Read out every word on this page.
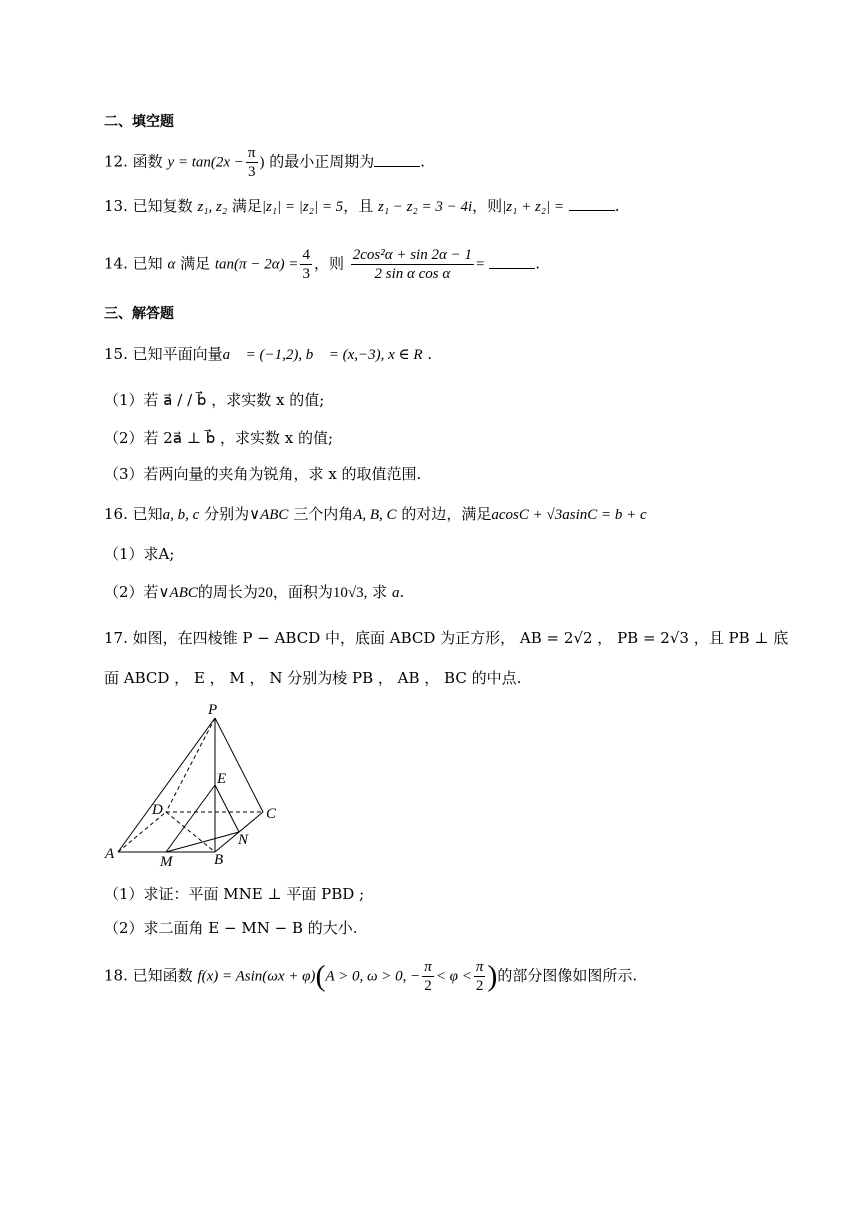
二、填空题
12. 函数 $y = \tan(2x - \frac{\pi}{3}$ ) 的最小正周期为	.
13. 已知复数 z₁, z₂ 满足|z₁| = |z₂| = 5，且 z₁ − z₂ = 3 − 4i，则|z₁ + z₂| =	.
14. 已知 α 满足 $\tan(\pi - 2\alpha) = \frac{4}{3}$ ，则 $\frac{\text{2cos²α + sin 2α − 1}}{\text{2 sin α cos α}}$ =	.
三、解答题
15. 已知平面向量a⃗ = (−1,2), b⃗ = (x,−3), x ∈ R .
（1）若 a⃗ / / b⃗ ，求实数 x 的值;
（2）若 2a⃗ ⊥ b⃗ ，求实数 x 的值;
（3）若两向量的夹角为锐角，求 x 的取值范围.
16. 已知a, b, c 分别为∨ABC 三个内角A, B, C 的对边，满足acosC + √3asinC = b + c
（1）求A;
（2）若∨ABC的周长为20，面积为10√3, 求 a.
17. 如图，在四棱锥 P − ABCD 中，底面 ABCD 为正方形， AB = 2√2 ， PB = 2√3 ，且 PB ⊥ 底
面 ABCD ， E ， M ， N 分别为棱 PB ， AB ， BC 的中点.
P
E
D	C
N
A	M	B
（1）求证：平面 MNE ⊥ 平面 PBD ;
（2）求二面角 E − MN − B 的大小.
18. 已知函数 f(x) = Asin(ωx + φ)(A > 0, ω > 0, − $\frac{\pi}{2} < \varphi < \frac{\pi}{2}$ )的部分图像如图所示.
